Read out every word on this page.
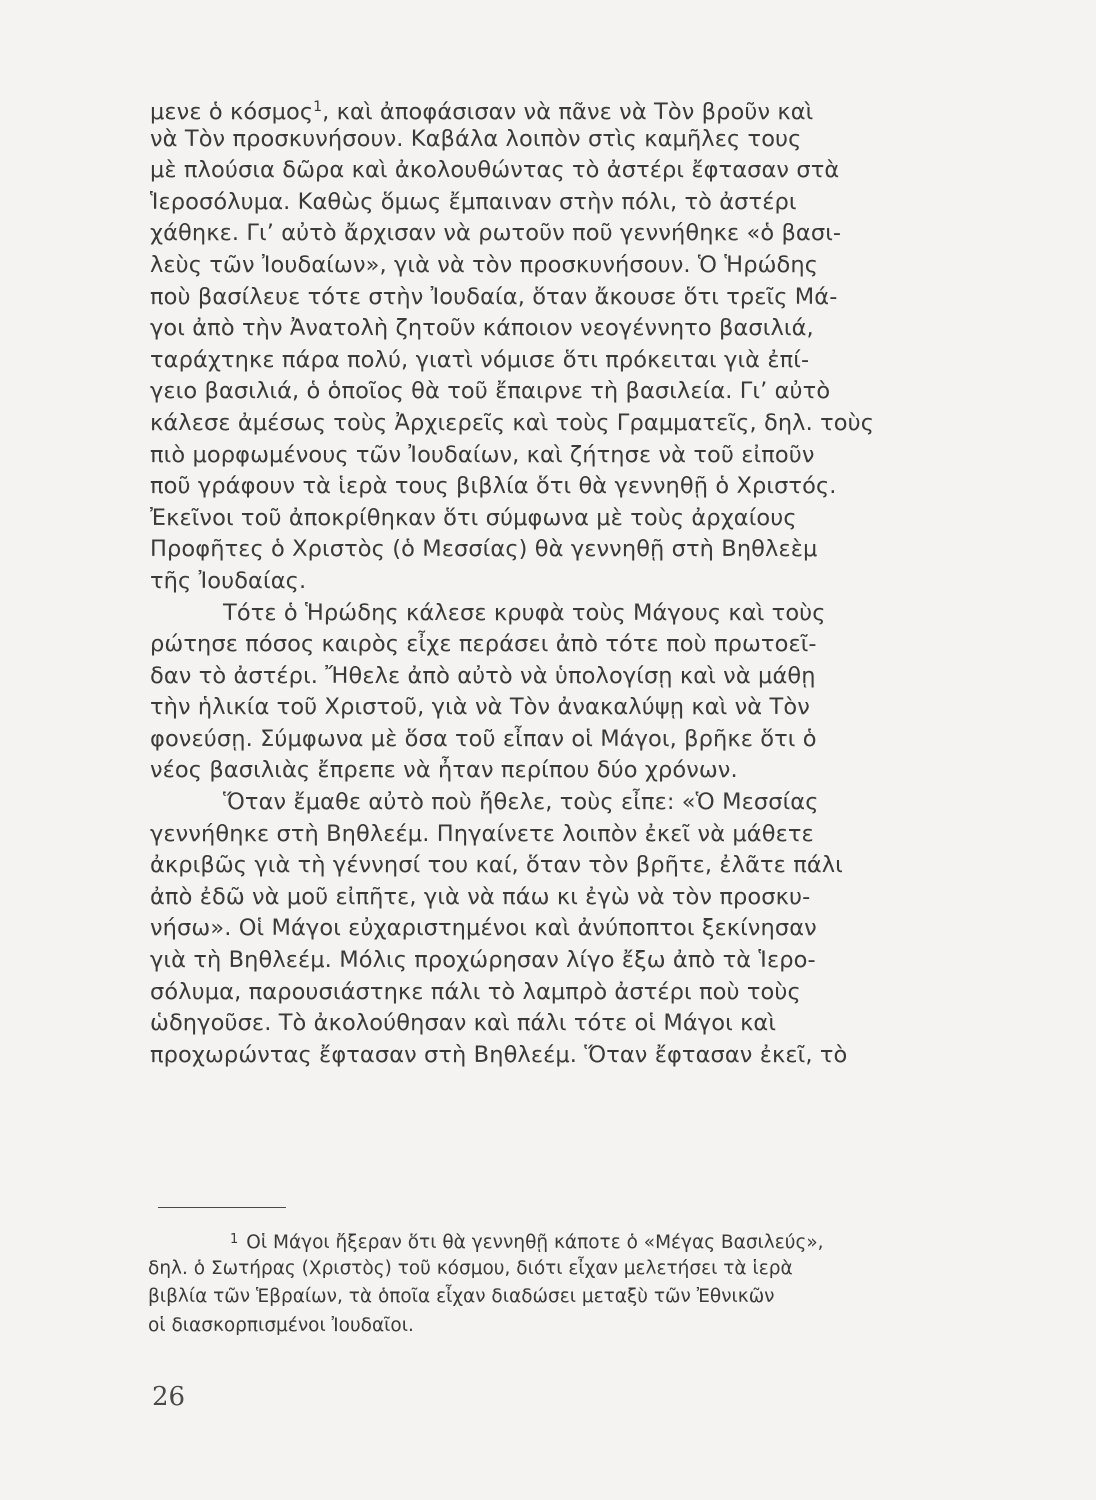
μενε ὁ κόσμος$^1$, καὶ ἀποφάσισαν νὰ πᾶνε νὰ Τὸν βροῦν καὶ
νὰ Τὸν προσκυνήσουν. Καβάλα λοιπὸν στὶς καμῆλες τους
μὲ πλούσια δῶρα καὶ ἀκολουθώντας τὸ ἀστέρι ἔφτασαν στὰ
Ἱεροσόλυμα. Καθὼς ὅμως ἔμπαιναν στὴν πόλι, τὸ ἀστέρι
χάθηκε. Γι’ αὐτὸ ἄρχισαν νὰ ρωτοῦν ποῦ γεννήθηκε «ὁ βασι-
λεὺς τῶν Ἰουδαίων», γιὰ νὰ τὸν προσκυνήσουν. Ὁ Ἡρώδης
ποὺ βασίλευε τότε στὴν Ἰουδαία, ὅταν ἄκουσε ὅτι τρεῖς Μά-
γοι ἀπὸ τὴν Ἀνατολὴ ζητοῦν κάποιον νεογέννητο βασιλιά,
ταράχτηκε πάρα πολύ, γιατὶ νόμισε ὅτι πρόκειται γιὰ ἐπί-
γειο βασιλιά, ὁ ὁποῖος θὰ τοῦ ἔπαιρνε τὴ βασιλεία. Γι’ αὐτὸ
κάλεσε ἀμέσως τοὺς Ἀρχιερεῖς καὶ τοὺς Γραμματεῖς, δηλ. τοὺς
πιὸ μορφωμένους τῶν Ἰουδαίων, καὶ ζήτησε νὰ τοῦ εἰποῦν
ποῦ γράφουν τὰ ἱερὰ τους βιβλία ὅτι θὰ γεννηθῇ ὁ Χριστός.
Ἐκεῖνοι τοῦ ἀποκρίθηκαν ὅτι σύμφωνα μὲ τοὺς ἀρχαίους
Προφῆτες ὁ Χριστὸς (ὁ Μεσσίας) θὰ γεννηθῇ στὴ Βηθλεὲμ
τῆς Ἰουδαίας.
Τότε ὁ Ἡρώδης κάλεσε κρυφὰ τοὺς Μάγους καὶ τοὺς
ρώτησε πόσος καιρὸς εἶχε περάσει ἀπὸ τότε ποὺ πρωτοεῖ-
δαν τὸ ἀστέρι. Ἤθελε ἀπὸ αὐτὸ νὰ ὑπολογίσῃ καὶ νὰ μάθῃ
τὴν ἡλικία τοῦ Χριστοῦ, γιὰ νὰ Τὸν ἀνακαλύψῃ καὶ νὰ Τὸν
φονεύσῃ. Σύμφωνα μὲ ὅσα τοῦ εἶπαν οἱ Μάγοι, βρῆκε ὅτι ὁ
νέος βασιλιὰς ἔπρεπε νὰ ἦταν περίπου δύο χρόνων.
Ὅταν ἔμαθε αὐτὸ ποὺ ἤθελε, τοὺς εἶπε: «Ὁ Μεσσίας
γεννήθηκε στὴ Βηθλεέμ. Πηγαίνετε λοιπὸν ἐκεῖ νὰ μάθετε
ἀκριβῶς γιὰ τὴ γέννησί του καί, ὅταν τὸν βρῆτε, ἐλᾶτε πάλι
ἀπὸ ἐδῶ νὰ μοῦ εἰπῆτε, γιὰ νὰ πάω κι ἐγὼ νὰ τὸν προσκυ-
νήσω». Οἱ Μάγοι εὐχαριστημένοι καὶ ἀνύποπτοι ξεκίνησαν
γιὰ τὴ Βηθλεέμ. Μόλις προχώρησαν λίγο ἔξω ἀπὸ τὰ Ἱερο-
σόλυμα, παρουσιάστηκε πάλι τὸ λαμπρὸ ἀστέρι ποὺ τοὺς
ὡδηγοῦσε. Τὸ ἀκολούθησαν καὶ πάλι τότε οἱ Μάγοι καὶ
προχωρώντας ἔφτασαν στὴ Βηθλεέμ. Ὅταν ἔφτασαν ἐκεῖ, τὸ
$^1$ Οἱ Μάγοι ἤξεραν ὅτι θὰ γεννηθῇ κάποτε ὁ «Μέγας Βασιλεύς»,
δηλ. ὁ Σωτήρας (Χριστὸς) τοῦ κόσμου, διότι εἶχαν μελετήσει τὰ ἱερὰ
βιβλία τῶν Ἑβραίων, τὰ ὁποῖα εἶχαν διαδώσει μεταξὺ τῶν Ἐθνικῶν
οἱ διασκορπισμένοι Ἰουδαῖοι.
26
